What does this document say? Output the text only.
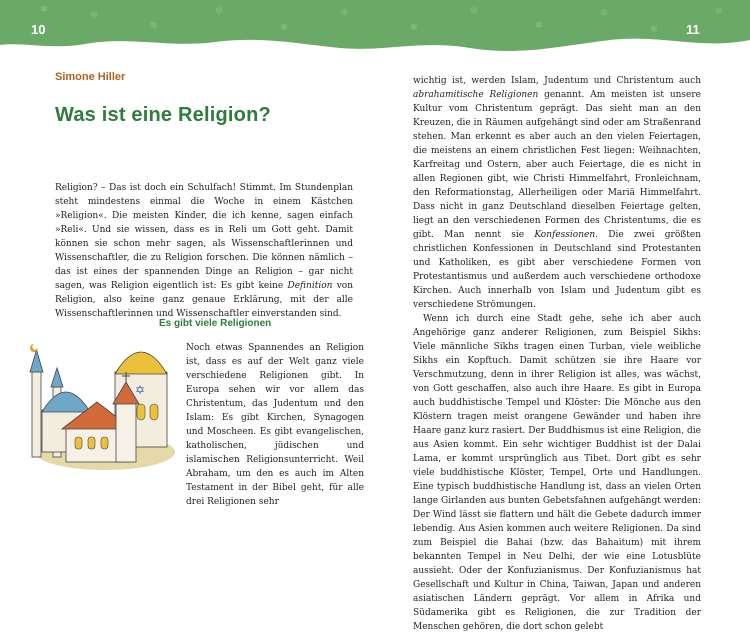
✻
✽
✻
✽
✻
✽
✻
✽
✻
✽
✽	✻
10	11
Simone Hiller
Was ist eine Religion?

Religion? – Das ist doch ein Schulfach! Stimmt. Im Stundenplan steht mindestens einmal die Woche in einem Kästchen »Religion«. Die meisten Kinder, die ich kenne, sagen einfach »Reli«. Und sie wissen, dass es in Reli um Gott geht. Damit können sie schon mehr sagen, als Wissenschaftlerinnen und Wissenschaftler, die zu Religion forschen. Die können nämlich – das ist eines der spannenden Dinge an Religion – gar nicht sagen, was Religion eigentlich ist: Es gibt keine Definition von Religion, also keine ganz genaue Erklärung, mit der alle Wissenschaftlerinnen und Wissenschaftler einverstanden sind.

Es gibt viele Religionen
✡

Noch etwas Spannendes an Religion ist, dass es auf der Welt ganz viele verschiedene Religionen gibt. In Europa sehen wir vor allem das Christentum, das Judentum und den Islam: Es gibt Kirchen, Synagogen und Moscheen. Es gibt evangelischen, katholischen, jüdischen und islamischen Religionsunterricht. Weil Abraham, um den es auch im Alten Testament in der Bibel geht, für alle drei Religionen sehr

wichtig ist, werden Islam, Judentum und Christentum auch abrahamitische Religionen genannt. Am meisten ist unsere Kultur vom Christentum geprägt. Das sieht man an den Kreuzen, die in Räumen aufgehängt sind oder am Straßenrand stehen. Man erkennt es aber auch an den vielen Feiertagen, die meistens an einem christlichen Fest liegen: Weihnachten, Karfreitag und Ostern, aber auch Feiertage, die es nicht in allen Regionen gibt, wie Christi Himmelfahrt, Fronleichnam, den Reformationstag, Allerheiligen oder Mariä Himmelfahrt. Dass nicht in ganz Deutschland dieselben Feiertage gelten, liegt an den verschiedenen Formen des Christentums, die es gibt. Man nennt sie Konfessionen. Die zwei größten christlichen Konfessionen in Deutschland sind Protestanten und Katholiken, es gibt aber verschiedene Formen von Protestantismus und außerdem auch verschiedene orthodoxe Kirchen. Auch innerhalb von Islam und Judentum gibt es verschiedene Strömungen.

Wenn ich durch eine Stadt gehe, sehe ich aber auch Angehörige ganz anderer Religionen, zum Beispiel Sikhs: Viele männliche Sikhs tragen einen Turban, viele weibliche Sikhs ein Kopftuch. Damit schützen sie ihre Haare vor Verschmutzung, denn in ihrer Religion ist alles, was wächst, von Gott geschaffen, also auch ihre Haare. Es gibt in Europa auch buddhistische Tempel und Klöster: Die Mönche aus den Klöstern tragen meist orangene Gewänder und haben ihre Haare ganz kurz rasiert. Der Buddhismus ist eine Religion, die aus Asien kommt. Ein sehr wichtiger Buddhist ist der Dalai Lama, er kommt ursprünglich aus Tibet. Dort gibt es sehr viele buddhistische Klöster, Tempel, Orte und Handlungen. Eine typisch buddhistische Handlung ist, dass an vielen Orten lange Girlanden aus bunten Gebetsfahnen aufgehängt werden: Der Wind lässt sie flattern und hält die Gebete dadurch immer lebendig. Aus Asien kommen auch weitere Religionen. Da sind zum Beispiel die Bahai (bzw. das Bahaitum) mit ihrem bekannten Tempel in Neu Delhi, der wie eine Lotusblüte aussieht. Oder der Konfuzianismus. Der Konfuzianismus hat Gesellschaft und Kultur in China, Taiwan, Japan und anderen asiatischen Ländern geprägt. Vor allem in Afrika und Südamerika gibt es Religionen, die zur Tradition der Menschen gehören, die dort schon gelebt
